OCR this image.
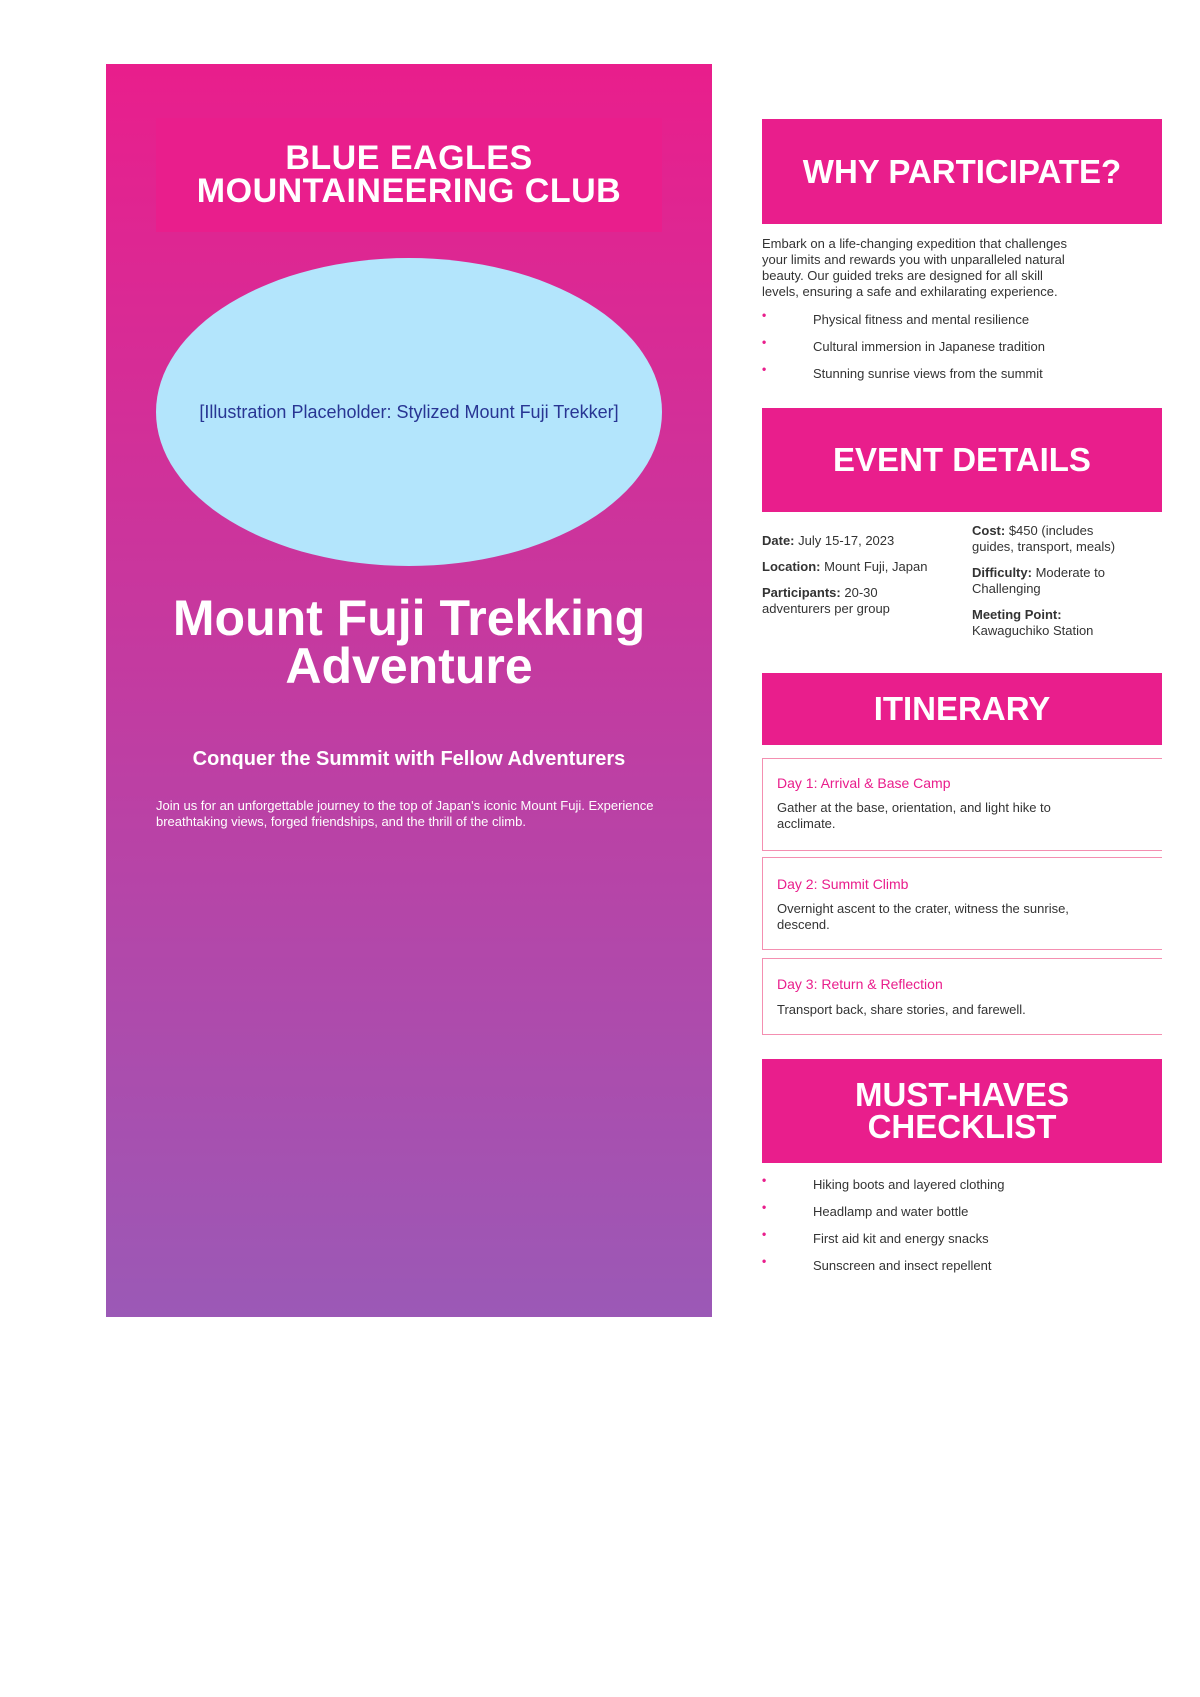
BLUE EAGLES MOUNTAINEERING CLUB
[Illustration Placeholder: Stylized Mount Fuji Trekker]
Mount Fuji Trekking Adventure
Conquer the Summit with Fellow Adventurers

Join us for an unforgettable journey to the top of Japan's iconic Mount Fuji. Experience breathtaking views, forged friendships, and the thrill of the climb.

WHY PARTICIPATE?

Embark on a life-changing expedition that challenges
your limits and rewards you with unparalleled natural
beauty. Our guided treks are designed for all skill
levels, ensuring a safe and exhilarating experience.

•	Physical fitness and mental resilience
•	Cultural immersion in Japanese tradition
•	Stunning sunrise views from the summit
EVENT DETAILS

Date: July 15-17, 2023

Location: Mount Fuji, Japan

Participants: 20-30 adventurers per group

Cost: $450 (includes guides, transport, meals)

Difficulty: Moderate to Challenging

Meeting Point: Kawaguchiko Station

ITINERARY
Day 1: Arrival & Base Camp

Gather at the base, orientation, and light hike to
acclimate.

Day 2: Summit Climb

Overnight ascent to the crater, witness the sunrise,
descend.

Day 3: Return & Reflection

Transport back, share stories, and farewell.

MUST-HAVES CHECKLIST
•	Hiking boots and layered clothing
•	Headlamp and water bottle
•	First aid kit and energy snacks
•	Sunscreen and insect repellent
